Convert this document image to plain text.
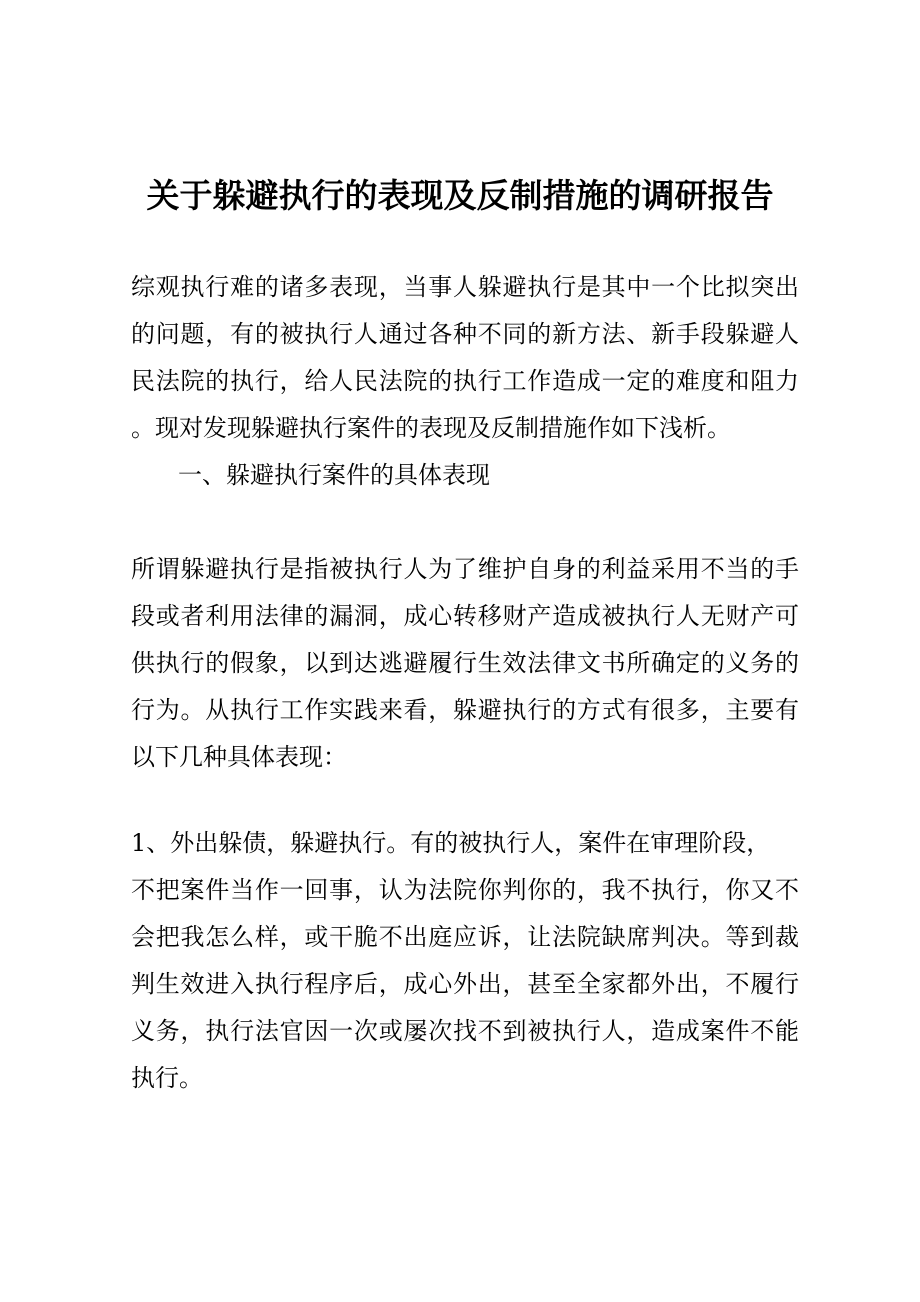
关于躲避执行的表现及反制措施的调研报告
综观执行难的诸多表现，当事人躲避执行是其中一个比拟突出
的问题，有的被执行人通过各种不同的新方法、新手段躲避人
民法院的执行，给人民法院的执行工作造成一定的难度和阻力
。现对发现躲避执行案件的表现及反制措施作如下浅析。
一、躲避执行案件的具体表现
所谓躲避执行是指被执行人为了维护自身的利益采用不当的手
段或者利用法律的漏洞，成心转移财产造成被执行人无财产可
供执行的假象，以到达逃避履行生效法律文书所确定的义务的
行为。从执行工作实践来看，躲避执行的方式有很多，主要有
以下几种具体表现：
1、外出躲债，躲避执行。有的被执行人，案件在审理阶段，
不把案件当作一回事，认为法院你判你的，我不执行，你又不
会把我怎么样，或干脆不出庭应诉，让法院缺席判决。等到裁
判生效进入执行程序后，成心外出，甚至全家都外出，不履行
义务，执行法官因一次或屡次找不到被执行人，造成案件不能
执行。
